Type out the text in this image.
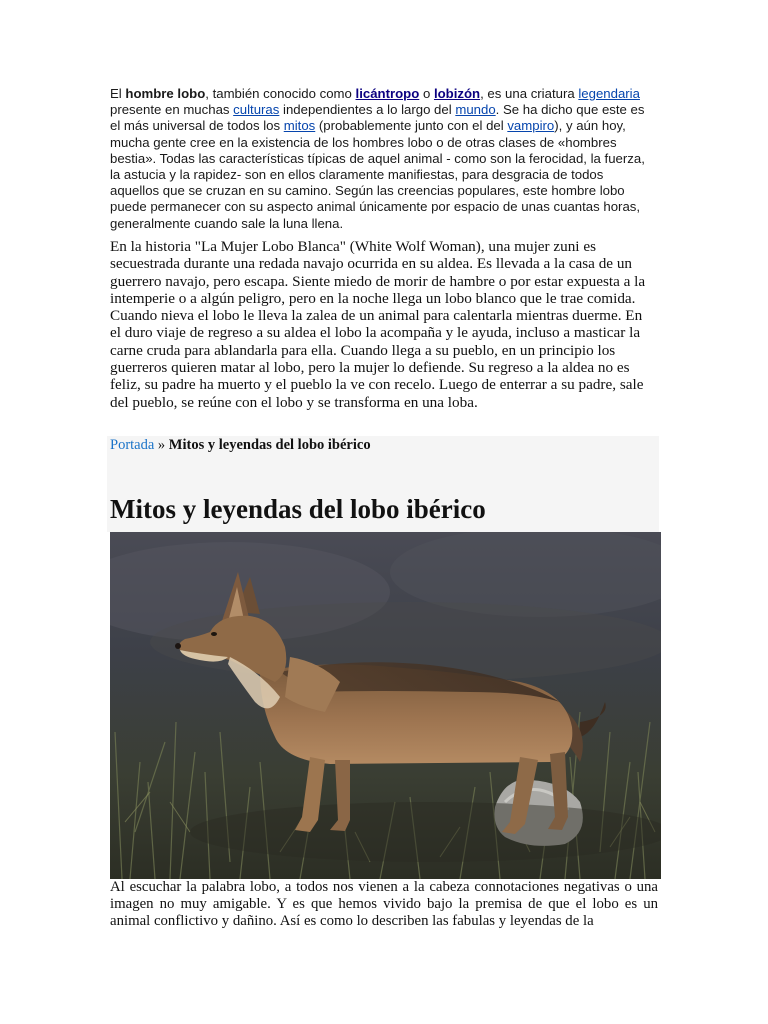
El hombre lobo, también conocido como licántropo o lobizón, es una criatura legendaria presente en muchas culturas independientes a lo largo del mundo. Se ha dicho que este es el más universal de todos los mitos (probablemente junto con el del vampiro), y aún hoy, mucha gente cree en la existencia de los hombres lobo o de otras clases de «hombres bestia». Todas las características típicas de aquel animal - como son la ferocidad, la fuerza, la astucia y la rapidez- son en ellos claramente manifiestas, para desgracia de todos aquellos que se cruzan en su camino. Según las creencias populares, este hombre lobo puede permanecer con su aspecto animal únicamente por espacio de unas cuantas horas, generalmente cuando sale la luna llena.

En la historia "La Mujer Lobo Blanca" (White Wolf Woman), una mujer zuni es secuestrada durante una redada navajo ocurrida en su aldea. Es llevada a la casa de un guerrero navajo, pero escapa. Siente miedo de morir de hambre o por estar expuesta a la intemperie o a algún peligro, pero en la noche llega un lobo blanco que le trae comida. Cuando nieva el lobo le lleva la zalea de un animal para calentarla mientras duerme. En el duro viaje de regreso a su aldea el lobo la acompaña y le ayuda, incluso a masticar la carne cruda para ablandarla para ella. Cuando llega a su pueblo, en un principio los guerreros quieren matar al lobo, pero la mujer lo defiende. Su regreso a la aldea no es feliz, su padre ha muerto y el pueblo la ve con recelo. Luego de enterrar a su padre, sale del pueblo, se reúne con el lobo y se transforma en una loba.

Portada » Mitos y leyendas del lobo ibérico
Mitos y leyendas del lobo ibérico

Al escuchar la palabra lobo, a todos nos vienen a la cabeza connotaciones negativas o una imagen no muy amigable. Y es que hemos vivido bajo la premisa de que el lobo es un animal conflictivo y dañino. Así es como lo describen las fabulas y leyendas de la
